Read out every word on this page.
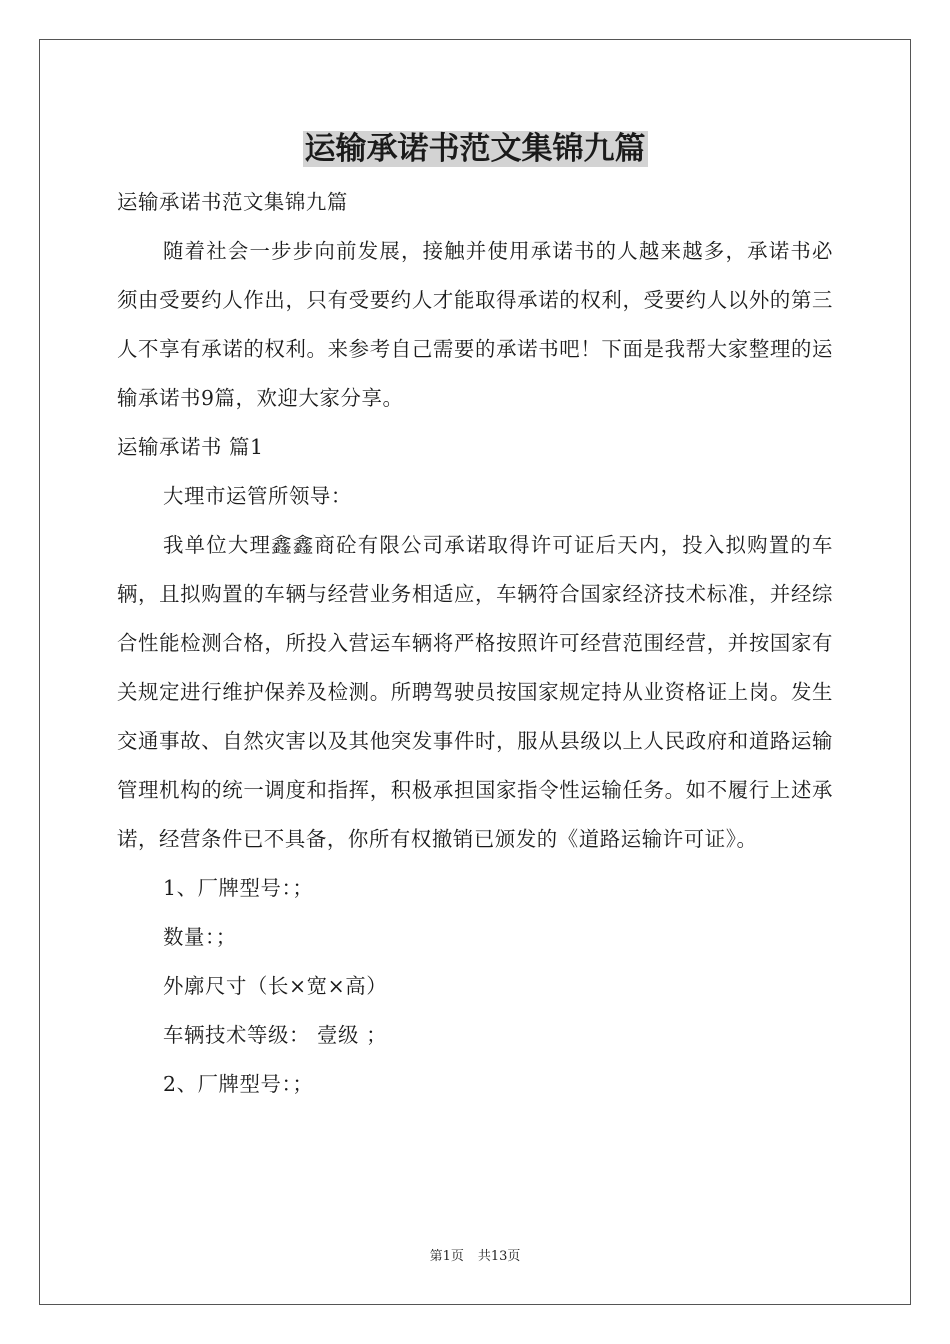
运输承诺书范文集锦九篇

运输承诺书范文集锦九篇

随着社会一步步向前发展，接触并使用承诺书的人越来越多，承诺书必须由受要约人作出，只有受要约人才能取得承诺的权利，受要约人以外的第三人不享有承诺的权利。来参考自己需要的承诺书吧！下面是我帮大家整理的运输承诺书9篇，欢迎大家分享。

运输承诺书 篇1

大理市运管所领导：

我单位大理鑫鑫商砼有限公司承诺取得许可证后天内，投入拟购置的车辆，且拟购置的车辆与经营业务相适应，车辆符合国家经济技术标准，并经综合性能检测合格，所投入营运车辆将严格按照许可经营范围经营，并按国家有关规定进行维护保养及检测。所聘驾驶员按国家规定持从业资格证上岗。发生交通事故、自然灾害以及其他突发事件时，服从县级以上人民政府和道路运输管理机构的统一调度和指挥，积极承担国家指令性运输任务。如不履行上述承诺，经营条件已不具备，你所有权撤销已颁发的《道路运输许可证》。

1、厂牌型号：；

数量：；

外廓尺寸（长×宽×高）

车辆技术等级： 壹级 ；

2、厂牌型号：；

第1页 共13页
